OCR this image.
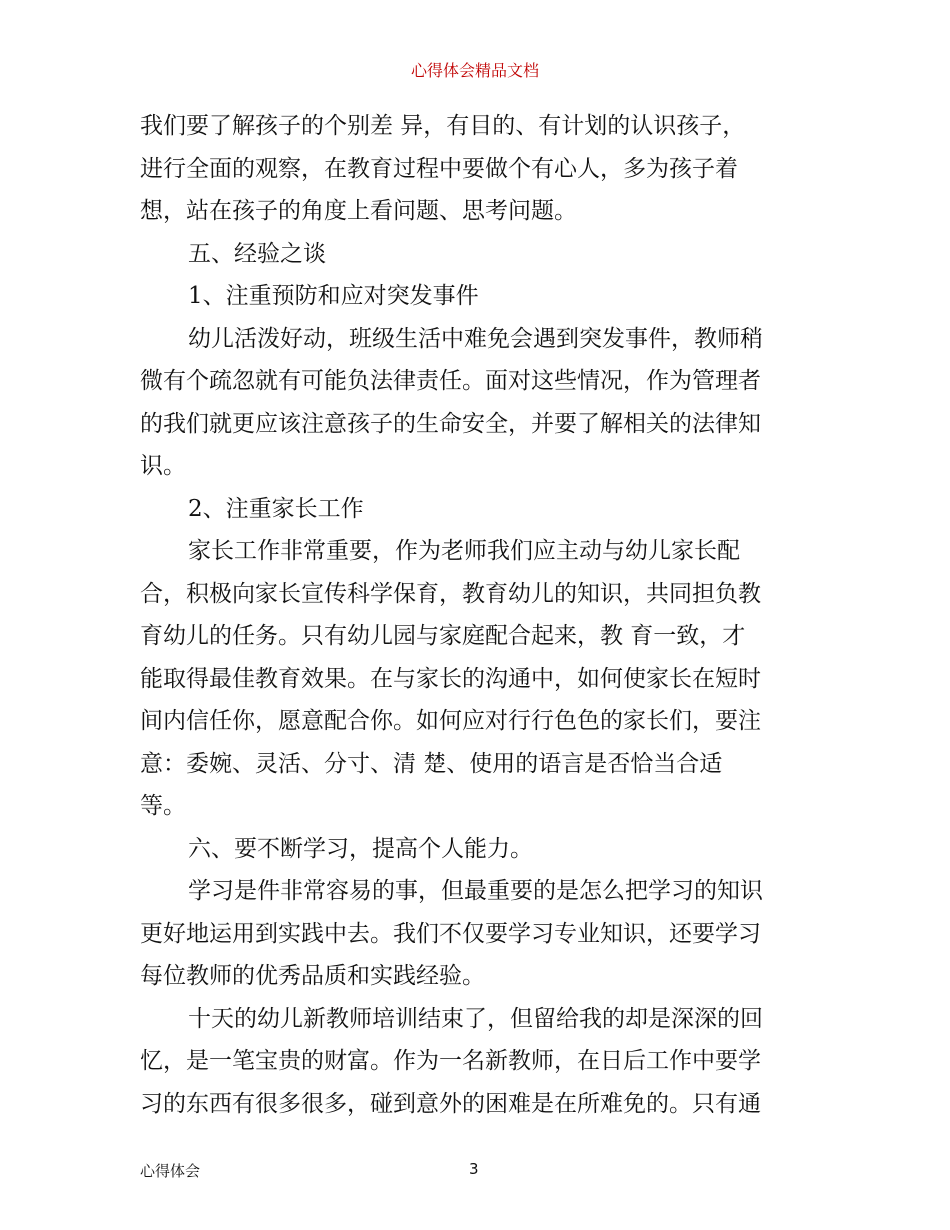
心得体会精品文档
我们要了解孩子的个别差 异，有目的、有计划的认识孩子，
进行全面的观察，在教育过程中要做个有心人，多为孩子着
想，站在孩子的角度上看问题、思考问题。
五、经验之谈
1、注重预防和应对突发事件
幼儿活泼好动，班级生活中难免会遇到突发事件，教师稍
微有个疏忽就有可能负法律责任。面对这些情况，作为管理者
的我们就更应该注意孩子的生命安全，并要了解相关的法律知
识。
2、注重家长工作
家长工作非常重要，作为老师我们应主动与幼儿家长配
合，积极向家长宣传科学保育，教育幼儿的知识，共同担负教
育幼儿的任务。只有幼儿园与家庭配合起来，教 育一致，才
能取得最佳教育效果。在与家长的沟通中，如何使家长在短时
间内信任你，愿意配合你。如何应对行行色色的家长们，要注
意：委婉、灵活、分寸、清 楚、使用的语言是否恰当合适
等。
六、要不断学习，提高个人能力。
学习是件非常容易的事，但最重要的是怎么把学习的知识
更好地运用到实践中去。我们不仅要学习专业知识，还要学习
每位教师的优秀品质和实践经验。
十天的幼儿新教师培训结束了，但留给我的却是深深的回
忆，是一笔宝贵的财富。作为一名新教师，在日后工作中要学
习的东西有很多很多，碰到意外的困难是在所难免的。只有通
心得体会	3
